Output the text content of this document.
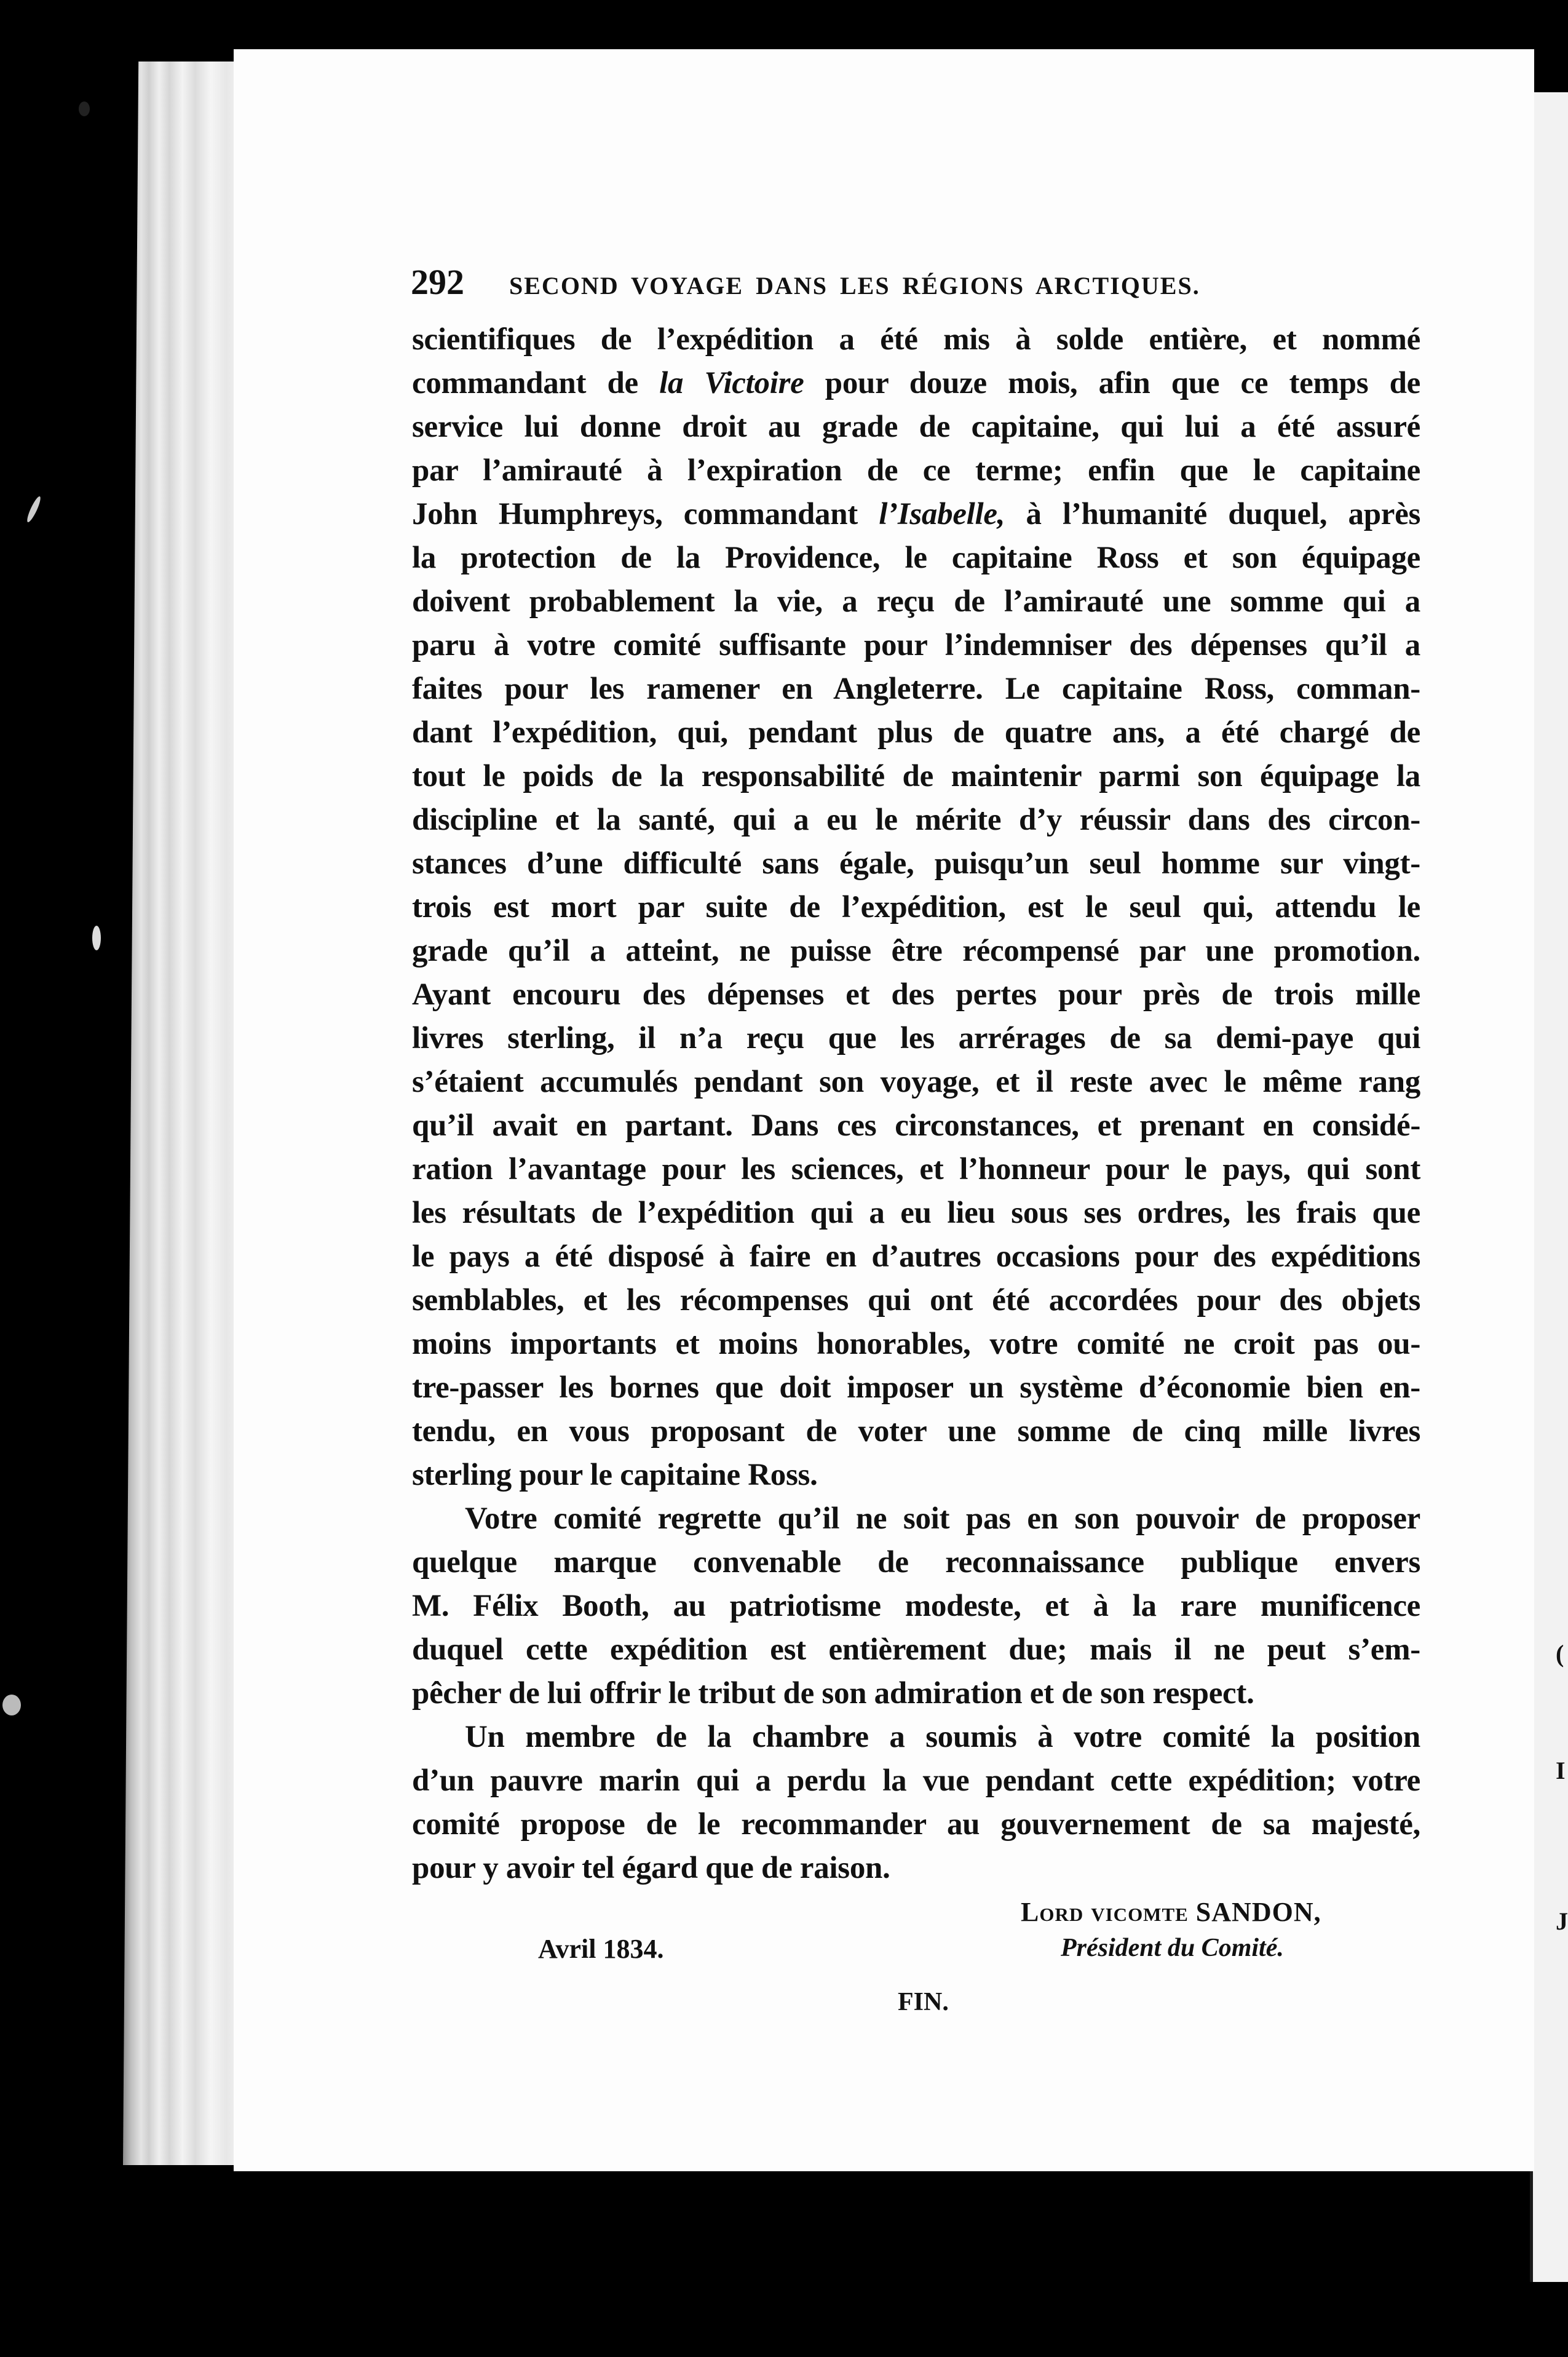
(
I
J
292	SECOND VOYAGE DANS LES RÉGIONS ARCTIQUES.
scientifiques de l’expédition a été mis à solde entière, et nommé
commandant de la Victoire pour douze mois, afin que ce temps de
service lui donne droit au grade de capitaine, qui lui a été assuré
par l’amirauté à l’expiration de ce terme; enfin que le capitaine
John Humphreys, commandant l’Isabelle, à l’humanité duquel, après
la protection de la Providence, le capitaine Ross et son équipage
doivent probablement la vie, a reçu de l’amirauté une somme qui a
paru à votre comité suffisante pour l’indemniser des dépenses qu’il a
faites pour les ramener en Angleterre. Le capitaine Ross, comman-
dant l’expédition, qui, pendant plus de quatre ans, a été chargé de
tout le poids de la responsabilité de maintenir parmi son équipage la
discipline et la santé, qui a eu le mérite d’y réussir dans des circon-
stances d’une difficulté sans égale, puisqu’un seul homme sur vingt-
trois est mort par suite de l’expédition, est le seul qui, attendu le
grade qu’il a atteint, ne puisse être récompensé par une promotion.
Ayant encouru des dépenses et des pertes pour près de trois mille
livres sterling, il n’a reçu que les arrérages de sa demi-paye qui
s’étaient accumulés pendant son voyage, et il reste avec le même rang
qu’il avait en partant. Dans ces circonstances, et prenant en considé-
ration l’avantage pour les sciences, et l’honneur pour le pays, qui sont
les résultats de l’expédition qui a eu lieu sous ses ordres, les frais que
le pays a été disposé à faire en d’autres occasions pour des expéditions
semblables, et les récompenses qui ont été accordées pour des objets
moins importants et moins honorables, votre comité ne croit pas ou-
tre-passer les bornes que doit imposer un système d’économie bien en-
tendu, en vous proposant de voter une somme de cinq mille livres
sterling pour le capitaine Ross.
Votre comité regrette qu’il ne soit pas en son pouvoir de proposer
quelque marque convenable de reconnaissance publique envers
M. Félix Booth, au patriotisme modeste, et à la rare munificence
duquel cette expédition est entièrement due; mais il ne peut s’em-
pêcher de lui offrir le tribut de son admiration et de son respect.
Un membre de la chambre a soumis à votre comité la position
d’un pauvre marin qui a perdu la vue pendant cette expédition; votre
comité propose de le recommander au gouvernement de sa majesté,
pour y avoir tel égard que de raison.
Lord vicomte SANDON,
Avril 1834.	Président du Comité.
FIN.
